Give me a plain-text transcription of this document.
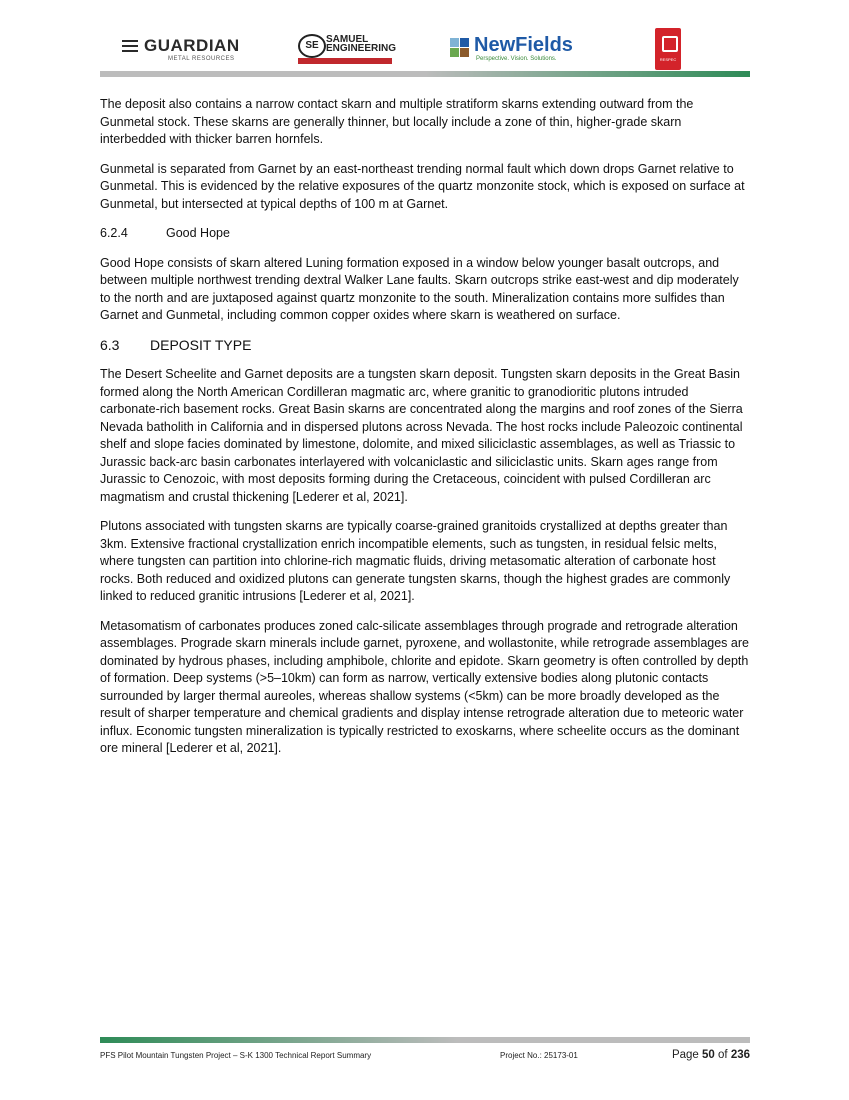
GUARDIAN
METAL RESOURCES
SE
SAMUEL
ENGINEERING	NewFields
Perspective. Vision. Solutions.	RESPEC

The deposit also contains a narrow contact skarn and multiple stratiform skarns extending outward from the Gunmetal stock. These skarns are generally thinner, but locally include a zone of thin, higher-grade skarn interbedded with thicker barren hornfels.

Gunmetal is separated from Garnet by an east-northeast trending normal fault which down drops Garnet relative to Gunmetal. This is evidenced by the relative exposures of the quartz monzonite stock, which is exposed on surface at Gunmetal, but intersected at typical depths of 100 m at Garnet.

6.2.4	Good Hope

Good Hope consists of skarn altered Luning formation exposed in a window below younger basalt outcrops, and between multiple northwest trending dextral Walker Lane faults. Skarn outcrops strike east-west and dip moderately to the north and are juxtaposed against quartz monzonite to the south. Mineralization contains more sulfides than Garnet and Gunmetal, including common copper oxides where skarn is weathered on surface.

6.3 DEPOSIT TYPE

The Desert Scheelite and Garnet deposits are a tungsten skarn deposit. Tungsten skarn deposits in the Great Basin formed along the North American Cordilleran magmatic arc, where granitic to granodioritic plutons intruded carbonate-rich basement rocks. Great Basin skarns are concentrated along the margins and roof zones of the Sierra Nevada batholith in California and in dispersed plutons across Nevada. The host rocks include Paleozoic continental shelf and slope facies dominated by limestone, dolomite, and mixed siliciclastic assemblages, as well as Triassic to Jurassic back-arc basin carbonates interlayered with volcaniclastic and siliciclastic units. Skarn ages range from Jurassic to Cenozoic, with most deposits forming during the Cretaceous, coincident with pulsed Cordilleran arc magmatism and crustal thickening [Lederer et al, 2021].

Plutons associated with tungsten skarns are typically coarse-grained granitoids crystallized at depths greater than 3km. Extensive fractional crystallization enrich incompatible elements, such as tungsten, in residual felsic melts, where tungsten can partition into chlorine-rich magmatic fluids, driving metasomatic alteration of carbonate host rocks. Both reduced and oxidized plutons can generate tungsten skarns, though the highest grades are commonly linked to reduced granitic intrusions [Lederer et al, 2021].

Metasomatism of carbonates produces zoned calc-silicate assemblages through prograde and retrograde alteration assemblages. Prograde skarn minerals include garnet, pyroxene, and wollastonite, while retrograde assemblages are dominated by hydrous phases, including amphibole, chlorite and epidote. Skarn geometry is often controlled by depth of formation. Deep systems (>5–10km) can form as narrow, vertically extensive bodies along plutonic contacts surrounded by larger thermal aureoles, whereas shallow systems (<5km) can be more broadly developed as the result of sharper temperature and chemical gradients and display intense retrograde alteration due to meteoric water influx. Economic tungsten mineralization is typically restricted to exoskarns, where scheelite occurs as the dominant ore mineral [Lederer et al, 2021].

PFS Pilot Mountain Tungsten Project – S-K 1300 Technical Report Summary	Project No.: 25173-01	Page 50 of 236
